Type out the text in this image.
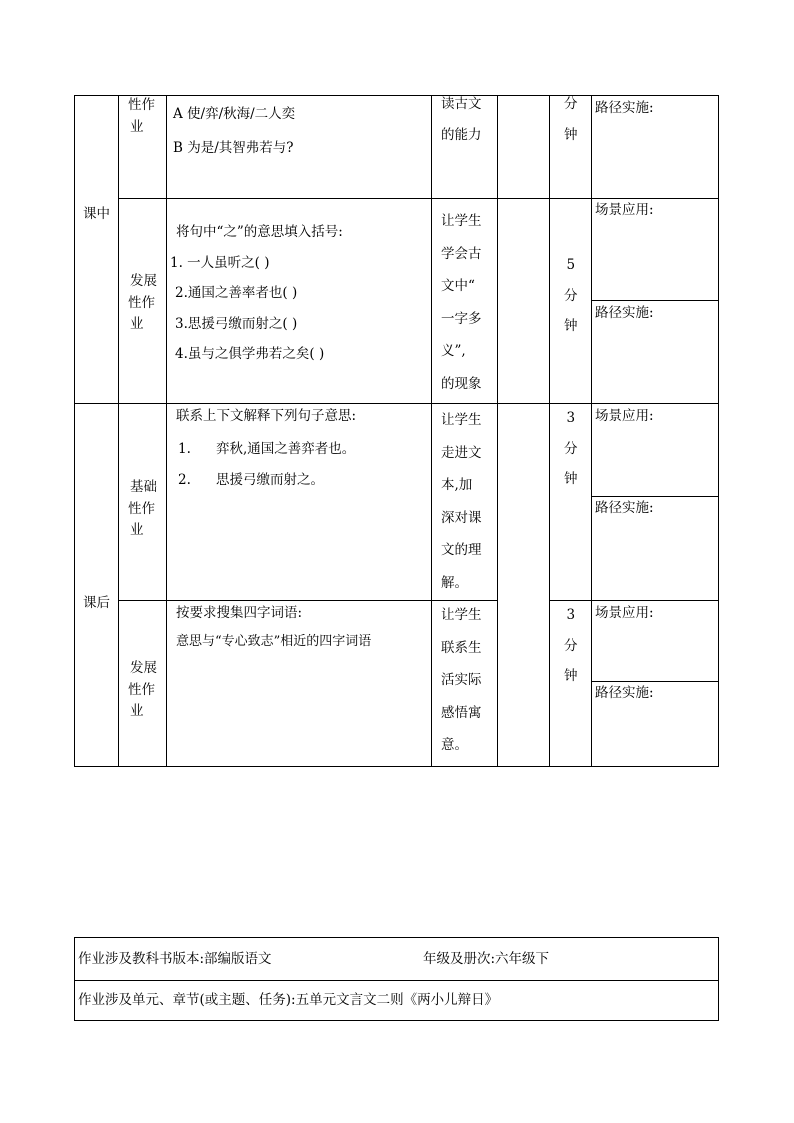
课中
课后
性作
业
A 使/弈/秋海/二人奕
B 为是/其智弗若与?
读古文
的能力
分
钟
路径实施:
发展
性作
业
将句中“之”的意思填入括号:
1. 一人虽听之( )
2.通国之善率者也( )
3.思援弓缴而射之( )
4.虽与之俱学弗若之矣( )
让学生
学会古
文中“
一字多
义”,
的现象
5
分
钟
场景应用:
路径实施:
基础
性作
业
联系上下文解释下列句子意思:
1. 弈秋,通国之善弈者也。
2. 思援弓缴而射之。
让学生
走进文
本,加
深对课
文的理
解。
3
分
钟
场景应用:
路径实施:
发展
性作
业
按要求搜集四字词语:
意思与“专心致志”相近的四字词语
让学生
联系生
活实际
感悟寓
意。
3
分
钟
场景应用:
路径实施:
作业涉及教科书版本:部编版语文	年级及册次:六年级下
作业涉及单元、章节(或主题、任务):五单元文言文二则《两小儿辩日》
